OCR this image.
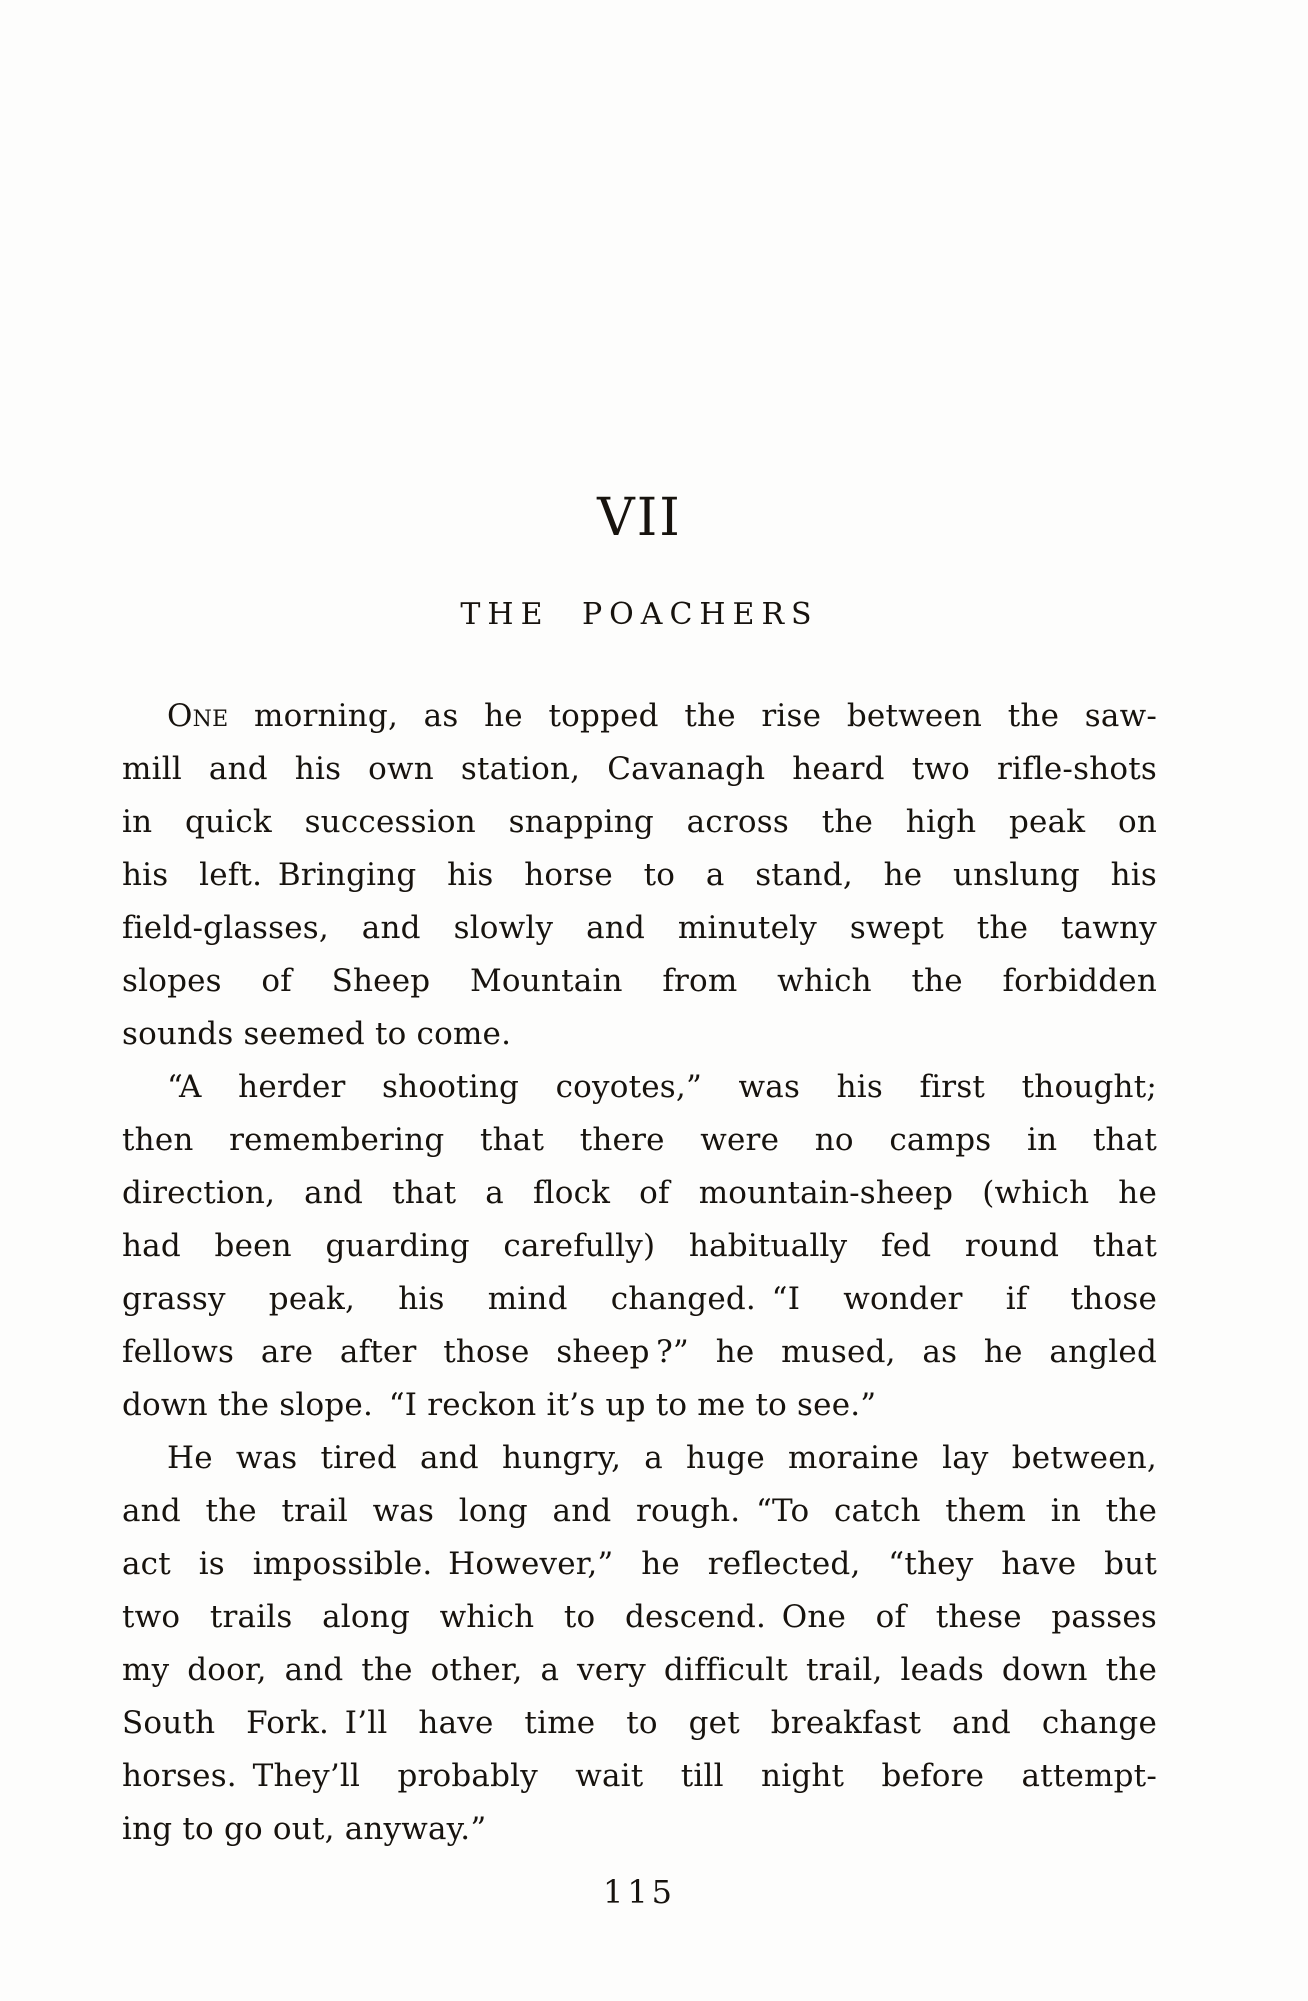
VII
THE POACHERS
One morning, as he topped the rise between the saw-
mill and his own station, Cavanagh heard two rifle-shots
in quick succession snapping across the high peak on
his left. Bringing his horse to a stand, he unslung his
field-glasses, and slowly and minutely swept the tawny
slopes of Sheep Mountain from which the forbidden
sounds seemed to come.
“A herder shooting coyotes,” was his first thought;
then remembering that there were no camps in that
direction, and that a flock of mountain-sheep (which he
had been guarding carefully) habitually fed round that
grassy peak, his mind changed. “I wonder if those
fellows are after those sheep ?” he mused, as he angled
down the slope. “I reckon it’s up to me to see.”
He was tired and hungry, a huge moraine lay between,
and the trail was long and rough. “To catch them in the
act is impossible. However,” he reflected, “they have but
two trails along which to descend. One of these passes
my door, and the other, a very difficult trail, leads down the
South Fork. I’ll have time to get breakfast and change
horses. They’ll probably wait till night before attempt-
ing to go out, anyway.”
115
